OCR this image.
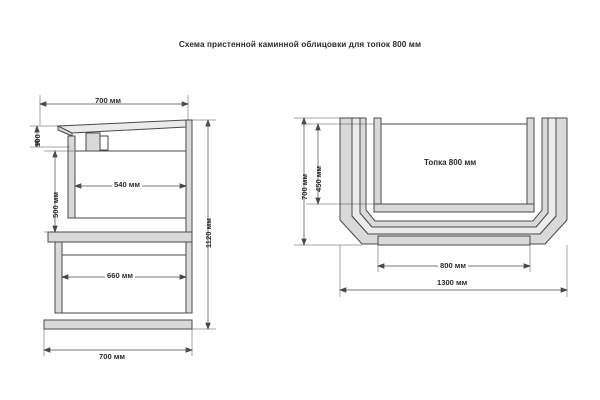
Схема пристенной каминной облицовки для топок 800 мм
700 мм
100
500 мм
540 мм
660 мм
1120 мм
700 мм
Топка 800 мм
450 мм
700 мм
800 мм
1300 мм
